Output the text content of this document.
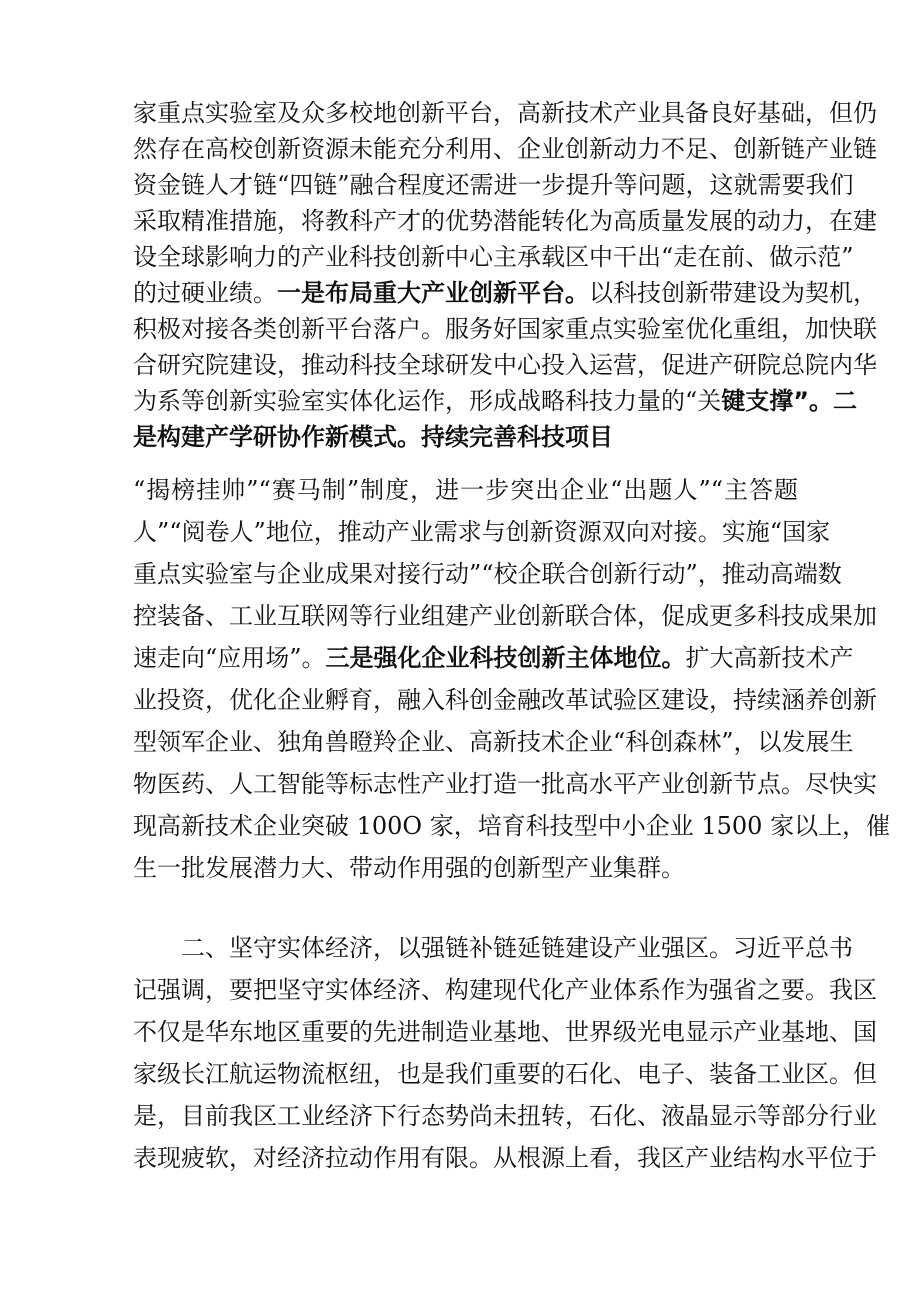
家重点实验室及众多校地创新平台，高新技术产业具备良好基础，但仍
然存在高校创新资源未能充分利用、企业创新动力不足、创新链产业链
资金链人才链“四链”融合程度还需进一步提升等问题，这就需要我们
采取精准措施，将教科产才的优势潜能转化为高质量发展的动力，在建
设全球影响力的产业科技创新中心主承载区中干出“走在前、做示范”
的过硬业绩。一是布局重大产业创新平台。以科技创新带建设为契机，
积极对接各类创新平台落户。服务好国家重点实验室优化重组，加快联
合研究院建设，推动科技全球研发中心投入运营，促进产研院总院内华
为系等创新实验室实体化运作，形成战略科技力量的“关键支撑”。二
是构建产学研协作新模式。持续完善科技项目
“揭榜挂帅”“赛马制”制度，进一步突出企业“出题人”“主答题
人”“阅卷人”地位，推动产业需求与创新资源双向对接。实施“国家
重点实验室与企业成果对接行动”“校企联合创新行动”，推动高端数
控装备、工业互联网等行业组建产业创新联合体，促成更多科技成果加
速走向“应用场”。三是强化企业科技创新主体地位。扩大高新技术产
业投资，优化企业孵育，融入科创金融改革试验区建设，持续涵养创新
型领军企业、独角兽瞪羚企业、高新技术企业“科创森林”，以发展生
物医药、人工智能等标志性产业打造一批高水平产业创新节点。尽快实
现高新技术企业突破 100O 家，培育科技型中小企业 1500 家以上，催
生一批发展潜力大、带动作用强的创新型产业集群。
二、坚守实体经济，以强链补链延链建设产业强区。习近平总书
记强调，要把坚守实体经济、构建现代化产业体系作为强省之要。我区
不仅是华东地区重要的先进制造业基地、世界级光电显示产业基地、国
家级长江航运物流枢纽，也是我们重要的石化、电子、装备工业区。但
是，目前我区工业经济下行态势尚未扭转，石化、液晶显示等部分行业
表现疲软，对经济拉动作用有限。从根源上看，我区产业结构水平位于
